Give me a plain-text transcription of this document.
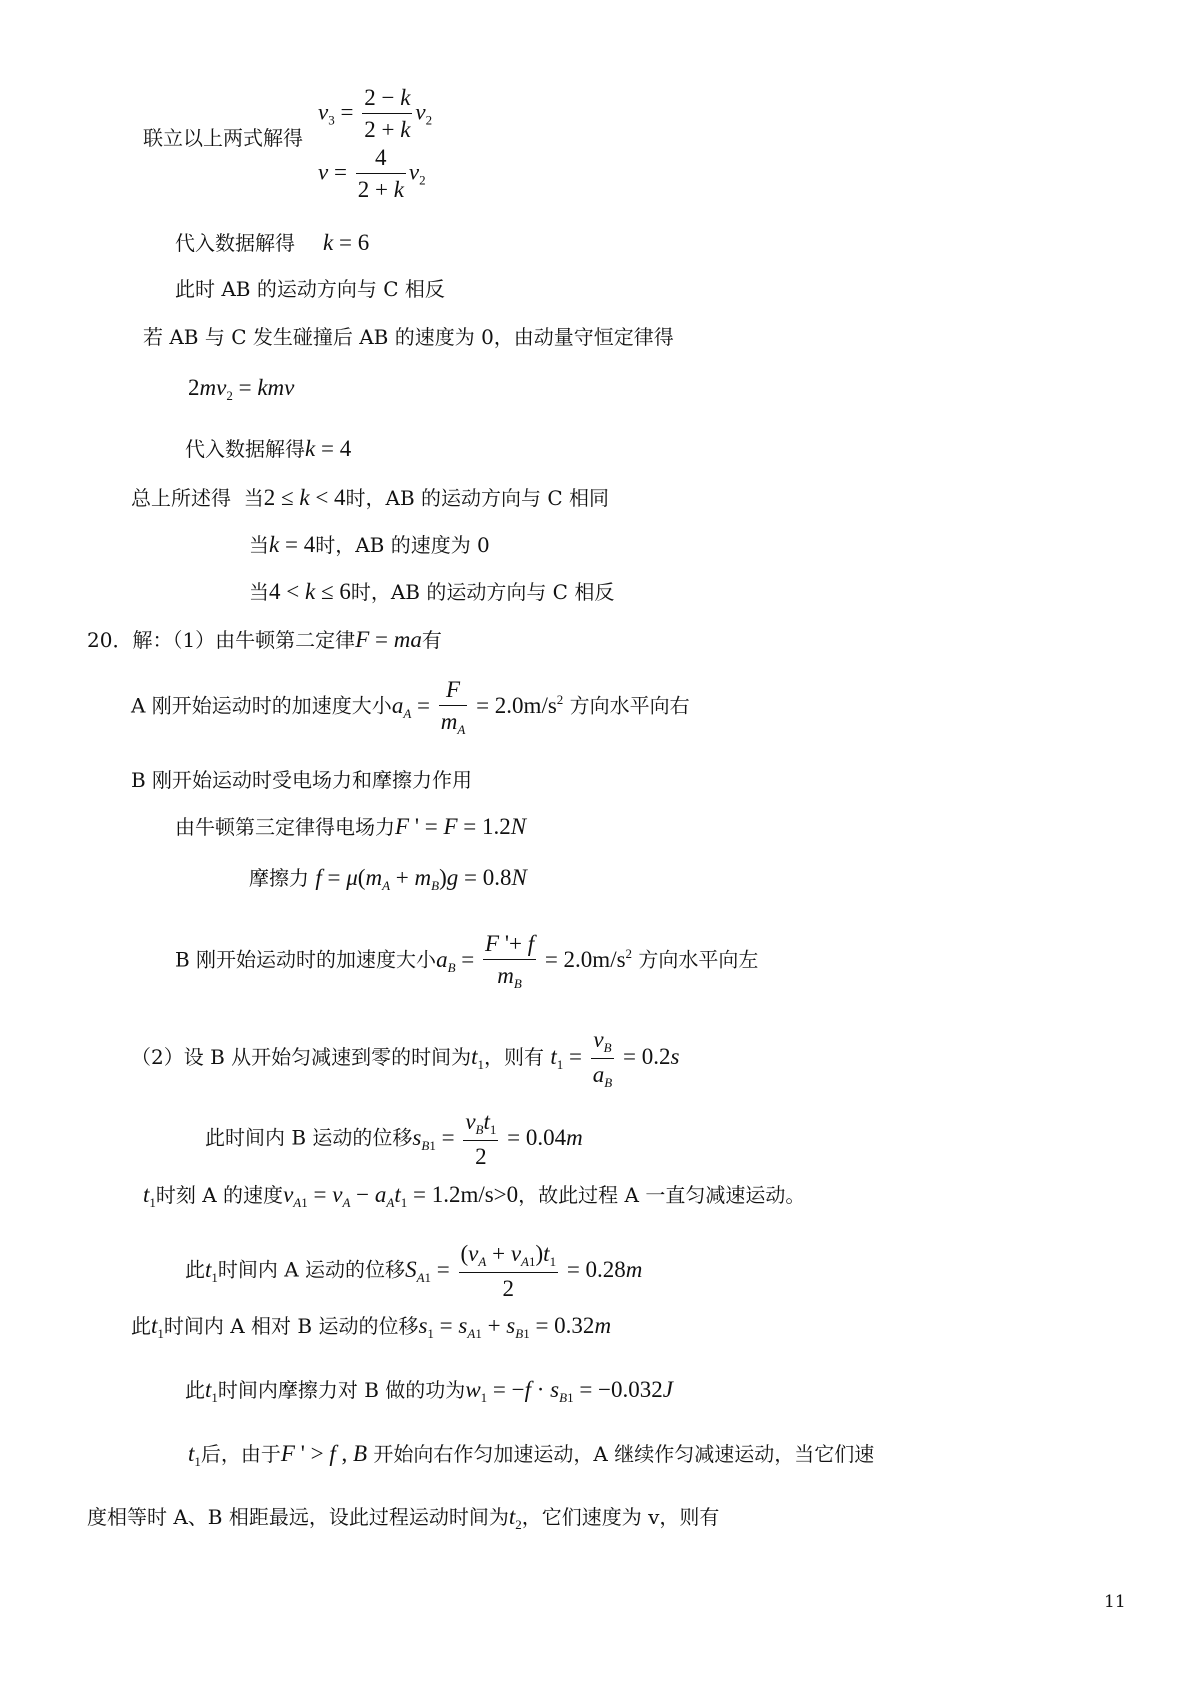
$v_3 = \frac{2 - k}{2 + k} v_2$
联立以上两式解得
$v = \frac{4}{2 + k} v_2$
代入数据解得 k = 6
此时 AB 的运动方向与 C 相反
若 AB 与 C 发生碰撞后 AB 的速度为 0，由动量守恒定律得
$2mv_2$ = kmv
代入数据解得k = 4
总上所述得 当2 ≤ k < 4时，AB 的运动方向与 C 相同
当k = 4时，AB 的速度为 0
当4 < k ≤ 6时，AB 的运动方向与 C 相反
20．解：（1）由牛顿第二定律F = ma有
A 刚开始运动时的加速度大小$a_A = \frac{F}{m_A} = 2.0m/s^2$ 方向水平向右
B 刚开始运动时受电场力和摩擦力作用
由牛顿第三定律得电场力F ' = F = 1.2N
摩擦力 $f = \mu(m_A + m_B)g = 0.8N$
B 刚开始运动时的加速度大小$a_B = \frac{F '+ f}{m_B} = 2.0m/s^2$ 方向水平向左
（2）设 B 从开始匀减速到零的时间为$t_1$，则有 $t_1 = \frac{v_B}{a_B} = 0.2s$
此时间内 B 运动的位移$s_{B1} = \frac{v_Bt_1}{2} = 0.04m$
$t_1$时刻 A 的速度$v_{A1} = v_A - a_At_1 = 1.2m/s>0$，故此过程 A 一直匀减速运动。
此$t_1$时间内 A 运动的位移$S_{A1} = \frac{(v_A + v_{A1})t_1}{2} = 0.28m$
此$t_1$时间内 A 相对 B 运动的位移$s_1 = s_{A1} + s_{B1} = 0.32m$
此$t_1$时间内摩擦力对 B 做的功为$w_1 = -f \cdot s_{B1} = -0.032J$
$t_1$后，由于F ' > f , B 开始向右作匀加速运动，A 继续作匀减速运动，当它们速
度相等时 A、B 相距最远，设此过程运动时间为$t_2$，它们速度为 v，则有
11
